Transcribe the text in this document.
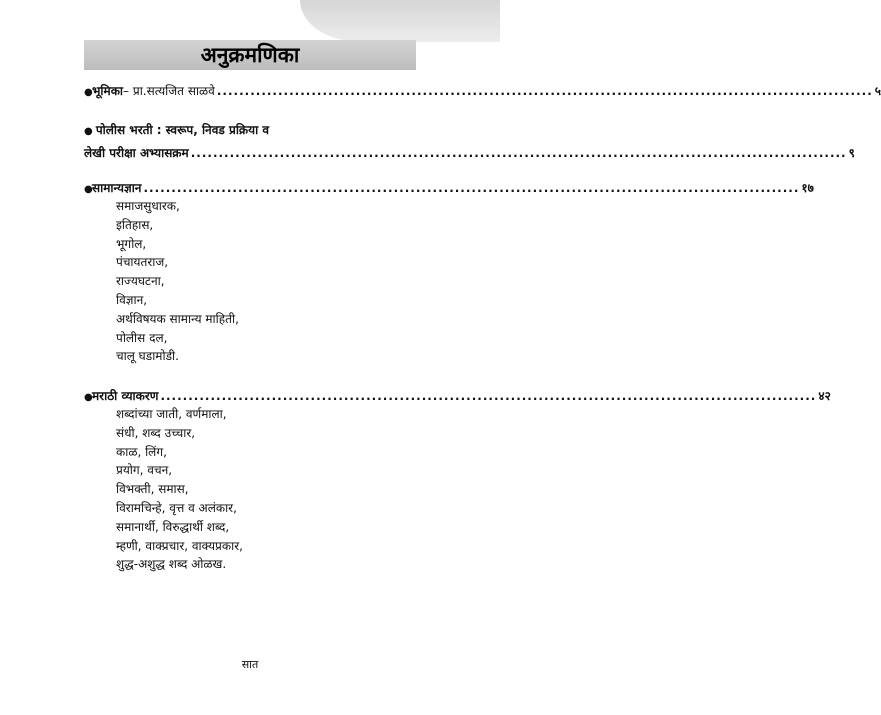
अनुक्रमणिका
● भूमिका – प्रा.सत्यजित साळवे ...................................................................................................................... ५
● पोलीस भरती : स्वरूप, निवड प्रक्रिया व
लेखी परीक्षा अभ्यासक्रम ...................................................................................................................... ९
● सामान्यज्ञान ...................................................................................................................... १७
समाजसुधारक,
इतिहास,
भूगोल,
पंचायतराज,
राज्यघटना,
विज्ञान,
अर्थविषयक सामान्य माहिती,
पोलीस दल,
चालू घडामोडी.
● मराठी व्याकरण ...................................................................................................................... ४२
शब्दांच्या जाती, वर्णमाला,
संधी, शब्द उच्चार,
काळ, लिंग,
प्रयोग, वचन,
विभक्ती, समास,
विरामचिन्हे, वृत्त व अलंकार,
समानार्थी, विरुद्धार्थी शब्द,
म्हणी, वाक्प्रचार, वाक्यप्रकार,
शुद्ध-अशुद्ध शब्द ओळख.
सात
